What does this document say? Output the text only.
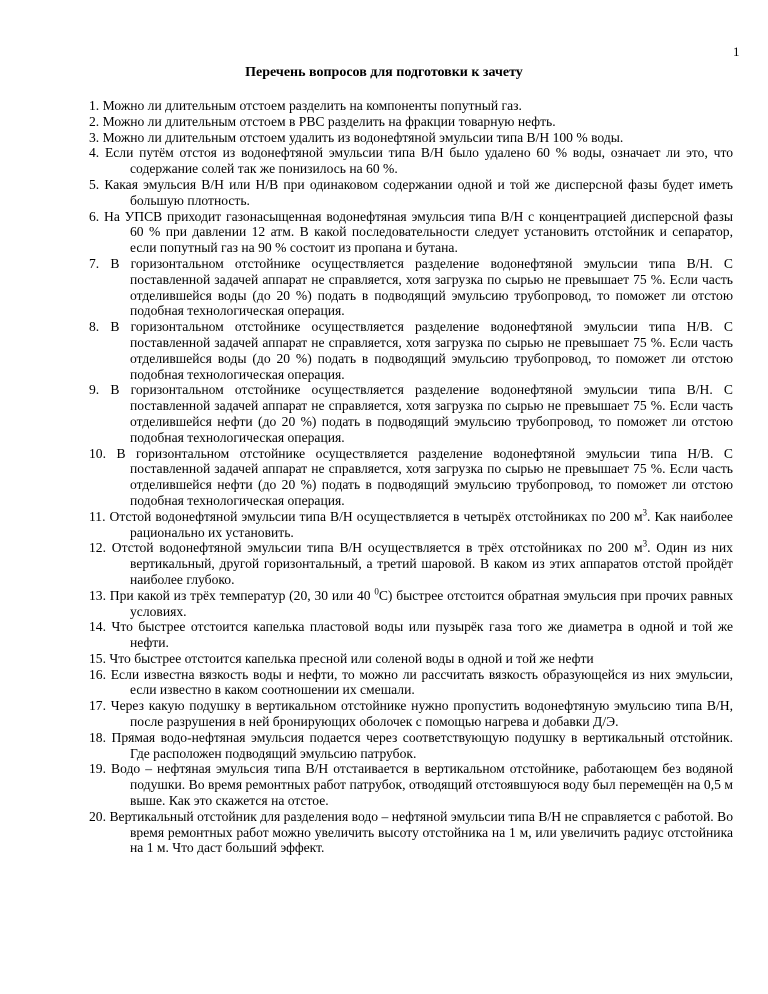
1
Перечень вопросов для подготовки к зачету

1. Можно ли длительным отстоем разделить на компоненты попутный газ.

2. Можно ли длительным отстоем в РВС разделить на фракции товарную нефть.

3. Можно ли длительным отстоем удалить из водонефтяной эмульсии типа В/Н 100 % воды.

4. Если путём отстоя из водонефтяной эмульсии типа В/Н было удалено 60 % воды, означает ли это, что содержание солей так же понизилось на 60 %.

5. Какая эмульсия В/Н или Н/В при одинаковом содержании одной и той же дисперсной фазы будет иметь большую плотность.

6. На УПСВ приходит газонасыщенная водонефтяная эмульсия типа В/Н с концентрацией дисперсной фазы 60 % при давлении 12 атм. В какой последовательности следует установить отстойник и сепаратор, если попутный газ на 90 % состоит из пропана и бутана.

7. В горизонтальном отстойнике осуществляется разделение водонефтяной эмульсии типа В/Н. С поставленной задачей аппарат не справляется, хотя загрузка по сырью не превышает 75 %. Если часть отделившейся воды (до 20 %) подать в подводящий эмульсию трубопровод, то поможет ли отстою подобная технологическая операция.

8. В горизонтальном отстойнике осуществляется разделение водонефтяной эмульсии типа Н/В. С поставленной задачей аппарат не справляется, хотя загрузка по сырью не превышает 75 %. Если часть отделившейся воды (до 20 %) подать в подводящий эмульсию трубопровод, то поможет ли отстою подобная технологическая операция.

9. В горизонтальном отстойнике осуществляется разделение водонефтяной эмульсии типа В/Н. С поставленной задачей аппарат не справляется, хотя загрузка по сырью не превышает 75 %. Если часть отделившейся нефти (до 20 %) подать в подводящий эмульсию трубопровод, то поможет ли отстою подобная технологическая операция.

10. В горизонтальном отстойнике осуществляется разделение водонефтяной эмульсии типа Н/В. С поставленной задачей аппарат не справляется, хотя загрузка по сырью не превышает 75 %. Если часть отделившейся нефти (до 20 %) подать в подводящий эмульсию трубопровод, то поможет ли отстою подобная технологическая операция.

11. Отстой водонефтяной эмульсии типа В/Н осуществляется в четырёх отстойниках по 200 $м^3$. Как наиболее рационально их установить.

12. Отстой водонефтяной эмульсии типа В/Н осуществляется в трёх отстойниках по 200 $м^3$. Один из них вертикальный, другой горизонтальный, а третий шаровой. В каком из этих аппаратов отстой пройдёт наиболее глубоко.

13. При какой из трёх температур (20, 30 или 40 $^0$С) быстрее отстоится обратная эмульсия при прочих равных условиях.

14. Что быстрее отстоится капелька пластовой воды или пузырёк газа того же диаметра в одной и той же нефти.

15. Что быстрее отстоится капелька пресной или соленой воды в одной и той же нефти

16. Если известна вязкость воды и нефти, то можно ли рассчитать вязкость образующейся из них эмульсии, если известно в каком соотношении их смешали.

17. Через какую подушку в вертикальном отстойнике нужно пропустить водонефтяную эмульсию типа В/Н, после разрушения в ней бронирующих оболочек с помощью нагрева и добавки Д/Э.

18. Прямая водо-нефтяная эмульсия подается через соответствующую подушку в вертикальный отстойник. Где расположен подводящий эмульсию патрубок.

19. Водо – нефтяная эмульсия типа В/Н отстаивается в вертикальном отстойнике, работающем без водяной подушки. Во время ремонтных работ патрубок, отводящий отстоявшуюся воду был перемещён на 0,5 м выше. Как это скажется на отстое.

20. Вертикальный отстойник для разделения водо – нефтяной эмульсии типа В/Н не справляется с работой. Во время ремонтных работ можно увеличить высоту отстойника на 1 м, или увеличить радиус отстойника на 1 м. Что даст больший эффект.
